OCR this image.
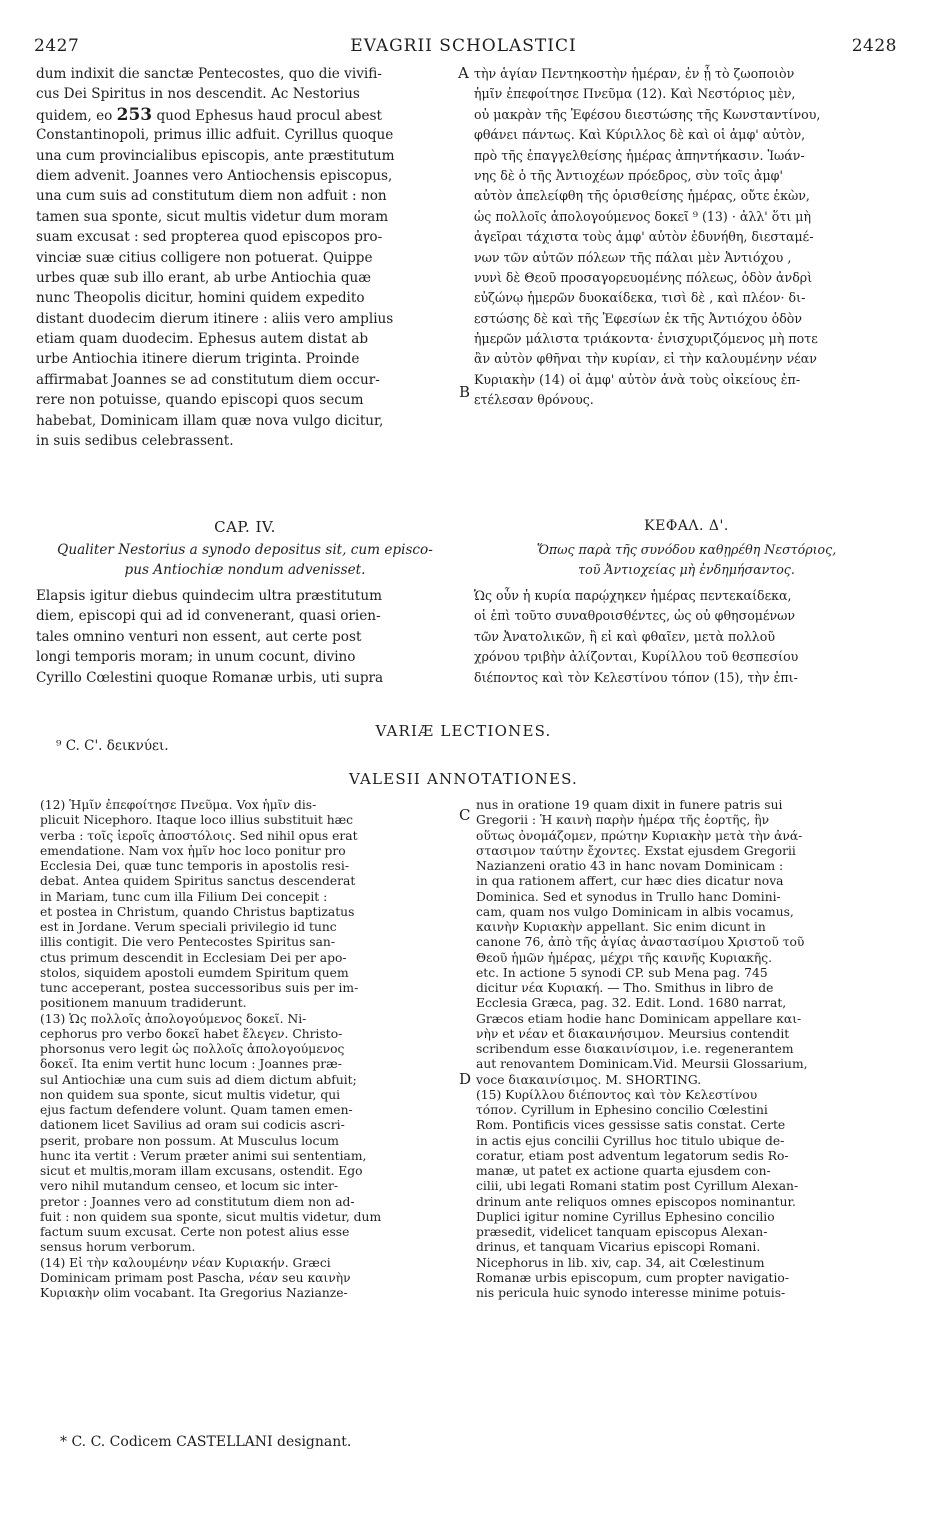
2427	EVAGRII SCHOLASTICI	2428
dum indixit die sanctæ Pentecostes, quo die vivifi-
cus Dei Spiritus in nos descendit. Ac Nestorius
quidem, eo 253 quod Ephesus haud procul abest
Constantinopoli, primus illic adfuit. Cyrillus quoque
una cum provincialibus episcopis, ante præstitutum
diem advenit. Joannes vero Antiochensis episcopus,
una cum suis ad constitutum diem non adfuit : non
tamen sua sponte, sicut multis videtur dum moram
suam excusat : sed propterea quod episcopos pro-
vinciæ suæ citius colligere non potuerat. Quippe
urbes quæ sub illo erant, ab urbe Antiochia quæ
nunc Theopolis dicitur, homini quidem expedito
distant duodecim dierum itinere : aliis vero amplius
etiam quam duodecim. Ephesus autem distat ab
urbe Antiochia itinere dierum triginta. Proinde
affirmabat Joannes se ad constitutum diem occur-
rere non potuisse, quando episcopi quos secum
habebat, Dominicam illam quæ nova vulgo dicitur,
in suis sedibus celebrassent.
τὴν ἁγίαν Πεντηκοστὴν ἡμέραν, ἐν ᾗ τὸ ζωοποιὸν
ἡμῖν ἐπεφοίτησε Πνεῦμα (12). Καὶ Νεστόριος μὲν,
οὐ μακρὰν τῆς Ἐφέσου διεστώσης τῆς Κωνσταντίνου,
φθάνει πάντως. Καὶ Κύριλλος δὲ καὶ οἱ ἀμφ' αὐτὸν,
πρὸ τῆς ἐπαγγελθείσης ἡμέρας ἀπηντήκασιν. Ἰωάν-
νης δὲ ὁ τῆς Ἀντιοχέων πρόεδρος, σὺν τοῖς ἀμφ'
αὐτὸν ἀπελείφθη τῆς ὁρισθείσης ἡμέρας, οὔτε ἑκὼν,
ὡς πολλοῖς ἀπολογούμενος δοκεῖ ⁹ (13) · ἀλλ' ὅτι μὴ
ἀγεῖραι τάχιστα τοὺς ἀμφ' αὐτὸν ἐδυνήθη, διεσταμέ-
νων τῶν αὐτῶν πόλεων τῆς πάλαι μὲν Ἀντιόχου ,
νυνὶ δὲ Θεοῦ προσαγορευομένης πόλεως, ὁδὸν ἀνδρὶ
εὐζώνῳ ἡμερῶν δυοκαίδεκα, τισὶ δὲ , καὶ πλέον· δι-
εστώσης δὲ καὶ τῆς Ἐφεσίων ἐκ τῆς Ἀντιόχου ὁδὸν
ἡμερῶν μάλιστα τριάκοντα· ἐνισχυριζόμενος μὴ ποτε
ἂν αὐτὸν φθῆναι τὴν κυρίαν, εἰ τὴν καλουμένην νέαν
Κυριακὴν (14) οἱ ἀμφ' αὐτὸν ἀνὰ τοὺς οἰκείους ἐπ-
ετέλεσαν θρόνους.
A
B
CAP. IV.	ΚΕΦΑΛ. Δ'.
Qualiter Nestorius a synodo depositus sit, cum episco-
pus Antiochiæ nondum advenisset.
Ὅπως παρὰ τῆς συνόδου καθῃρέθη Νεστόριος,
τοῦ Ἀντιοχείας μὴ ἐνδημήσαντος.
Elapsis igitur diebus quindecim ultra præstitutum
diem, episcopi qui ad id convenerant, quasi orien-
tales omnino venturi non essent, aut certe post
longi temporis moram; in unum cocunt, divino
Cyrillo Cœlestini quoque Romanæ urbis, uti supra
Ὡς οὖν ἡ κυρία παρῴχηκεν ἡμέρας πεντεκαίδεκα,
οἱ ἐπὶ τοῦτο συναθροισθέντες, ὡς οὐ φθησομένων
τῶν Ἀνατολικῶν, ἢ εἰ καὶ φθαῖεν, μετὰ πολλοῦ
χρόνου τριβὴν ἀλίζονται, Κυρίλλου τοῦ θεσπεσίου
διέποντος καὶ τὸν Κελεστίνου τόπον (15), τὴν ἐπι-
VARIÆ LECTIONES.
⁹ C. C'. δεικνύει.
VALESII ANNOTATIONES.
(12) Ἡμῖν ἐπεφοίτησε Πνεῦμα. Vox ἡμῖν dis-
plicuit Nicephoro. Itaque loco illius substituit hæc
verba : τοῖς ἱεροῖς ἀποστόλοις. Sed nihil opus erat
emendatione. Nam vox ἡμῖν hoc loco ponitur pro
Ecclesia Dei, quæ tunc temporis in apostolis resi-
debat. Antea quidem Spiritus sanctus descenderat
in Mariam, tunc cum illa Filium Dei concepit :
et postea in Christum, quando Christus baptizatus
est in Jordane. Verum speciali privilegio id tunc
illis contigit. Die vero Pentecostes Spiritus san-
ctus primum descendit in Ecclesiam Dei per apo-
stolos, siquidem apostoli eumdem Spiritum quem
tunc acceperant, postea successoribus suis per im-
positionem manuum tradiderunt.
(13) Ὡς πολλοῖς ἀπολογούμενος δοκεῖ. Ni-
cephorus pro verbo δοκεῖ habet ἔλεγεν. Christo-
phorsonus vero legit ὡς πολλοῖς ἀπολογούμενος
δοκεῖ. Ita enim vertit hunc locum : Joannes præ-
sul Antiochiæ una cum suis ad diem dictum abfuit;
non quidem sua sponte, sicut multis videtur, qui
ejus factum defendere volunt. Quam tamen emen-
dationem licet Savilius ad oram sui codicis ascri-
pserit, probare non possum. At Musculus locum
hunc ita vertit : Verum præter animi sui sententiam,
sicut et multis,moram illam excusans, ostendit. Ego
vero nihil mutandum censeo, et locum sic inter-
pretor : Joannes vero ad constitutum diem non ad-
fuit : non quidem sua sponte, sicut multis videtur, dum
factum suum excusat. Certe non potest alius esse
sensus horum verborum.
(14) Εἰ τὴν καλουμένην νέαν Κυριακήν. Græci
Dominicam primam post Pascha, νέαν seu καινὴν
Κυριακὴν olim vocabant. Ita Gregorius Nazianze-
nus in oratione 19 quam dixit in funere patris sui
Gregorii : Ἡ καινὴ παρὴν ἡμέρα τῆς ἑορτῆς, ἣν
οὕτως ὀνομάζομεν, πρώτην Κυριακὴν μετὰ τὴν ἀνά-
στασιμον ταύτην ἔχοντες. Exstat ejusdem Gregorii
Nazianzeni oratio 43 in hanc novam Dominicam :
in qua rationem affert, cur hæc dies dicatur nova
Dominica. Sed et synodus in Trullo hanc Domini-
cam, quam nos vulgo Dominicam in albis vocamus,
καινὴν Κυριακὴν appellant. Sic enim dicunt in
canone 76, ἀπὸ τῆς ἁγίας ἀναστασίμου Χριστοῦ τοῦ
Θεοῦ ἡμῶν ἡμέρας, μέχρι τῆς καινῆς Κυριακῆς.
etc. In actione 5 synodi CP. sub Mena pag. 745
dicitur νέα Κυριακή. — Tho. Smithus in libro de
Ecclesia Græca, pag. 32. Edit. Lond. 1680 narrat,
Græcos etiam hodie hanc Dominicam appellare και-
νὴν et νέαν et διακαινήσιμον. Meursius contendit
scribendum esse διακαινίσιμον, i.e. regenerantem
aut renovantem Dominicam.Vid. Meursii Glossarium,
voce διακαινίσιμος. M. SHORTING.
(15) Κυρίλλου διέποντος καὶ τὸν Κελεστίνου
τόπον. Cyrillum in Ephesino concilio Cœlestini
Rom. Pontificis vices gessisse satis constat. Certe
in actis ejus concilii Cyrillus hoc titulo ubique de-
coratur, etiam post adventum legatorum sedis Ro-
manæ, ut patet ex actione quarta ejusdem con-
cilii, ubi legati Romani statim post Cyrillum Alexan-
drinum ante reliquos omnes episcopos nominantur.
Duplici igitur nomine Cyrillus Ephesino concilio
præsedit, videlicet tanquam episcopus Alexan-
drinus, et tanquam Vicarius episcopi Romani.
Nicephorus in lib. xiv, cap. 34, ait Cœlestinum
Romanæ urbis episcopum, cum propter navigatio-
nis pericula huic synodo interesse minime potuis-
C
D
* C. C. Codicem CASTELLANI designant.
